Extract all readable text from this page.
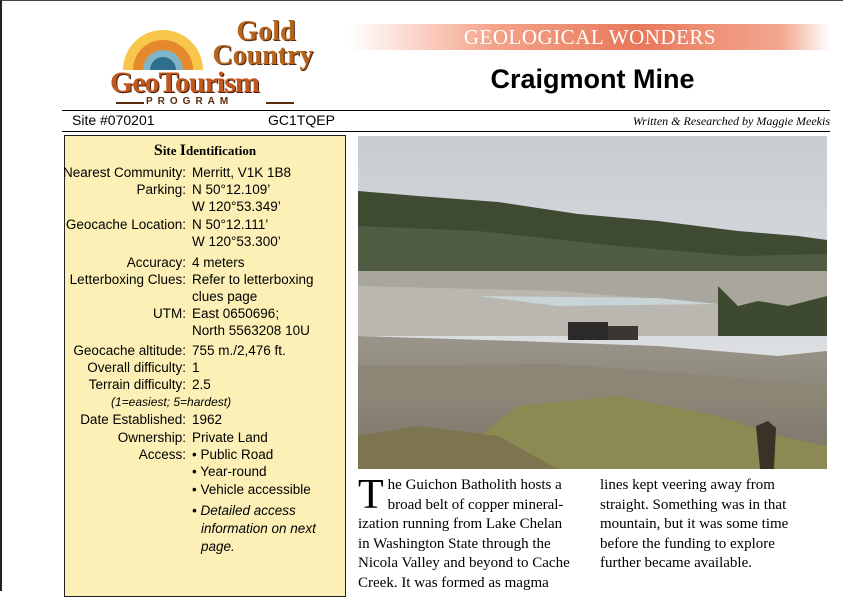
Gold
Country
GeoTourism
PROGRAM
GEOLOGICAL WONDERS
Craigmont Mine
Site #070201	GC1TQEP	Written & Researched by Maggie Meekis
Site Identification
Nearest Community: Merritt, V1K 1B8
Parking: N 50°12.109’
W 120°53.349’
Geocache Location: N 50°12.111’
W 120°53.300’
Accuracy: 4 meters
Letterboxing Clues: Refer to letterboxing
clues page
UTM: East 0650696;
North 5563208 10U
Geocache altitude: 755 m./2,476 ft.
Overall difficulty: 1
Terrain difficulty: 2.5
Date Established: 1962
Ownership: Private Land
Access: • Public Road
• Year-round
• Vehicle accessible
(1=easiest; 5=hardest)
• Detailed access
information on next
page.
T he Guichon Batholith hosts a
broad belt of copper mineral-
ization running from Lake Chelan
in Washington State through the
Nicola Valley and beyond to Cache
Creek. It was formed as magma
lines kept veering away from
straight. Something was in that
mountain, but it was some time
before the funding to explore
further became available.
